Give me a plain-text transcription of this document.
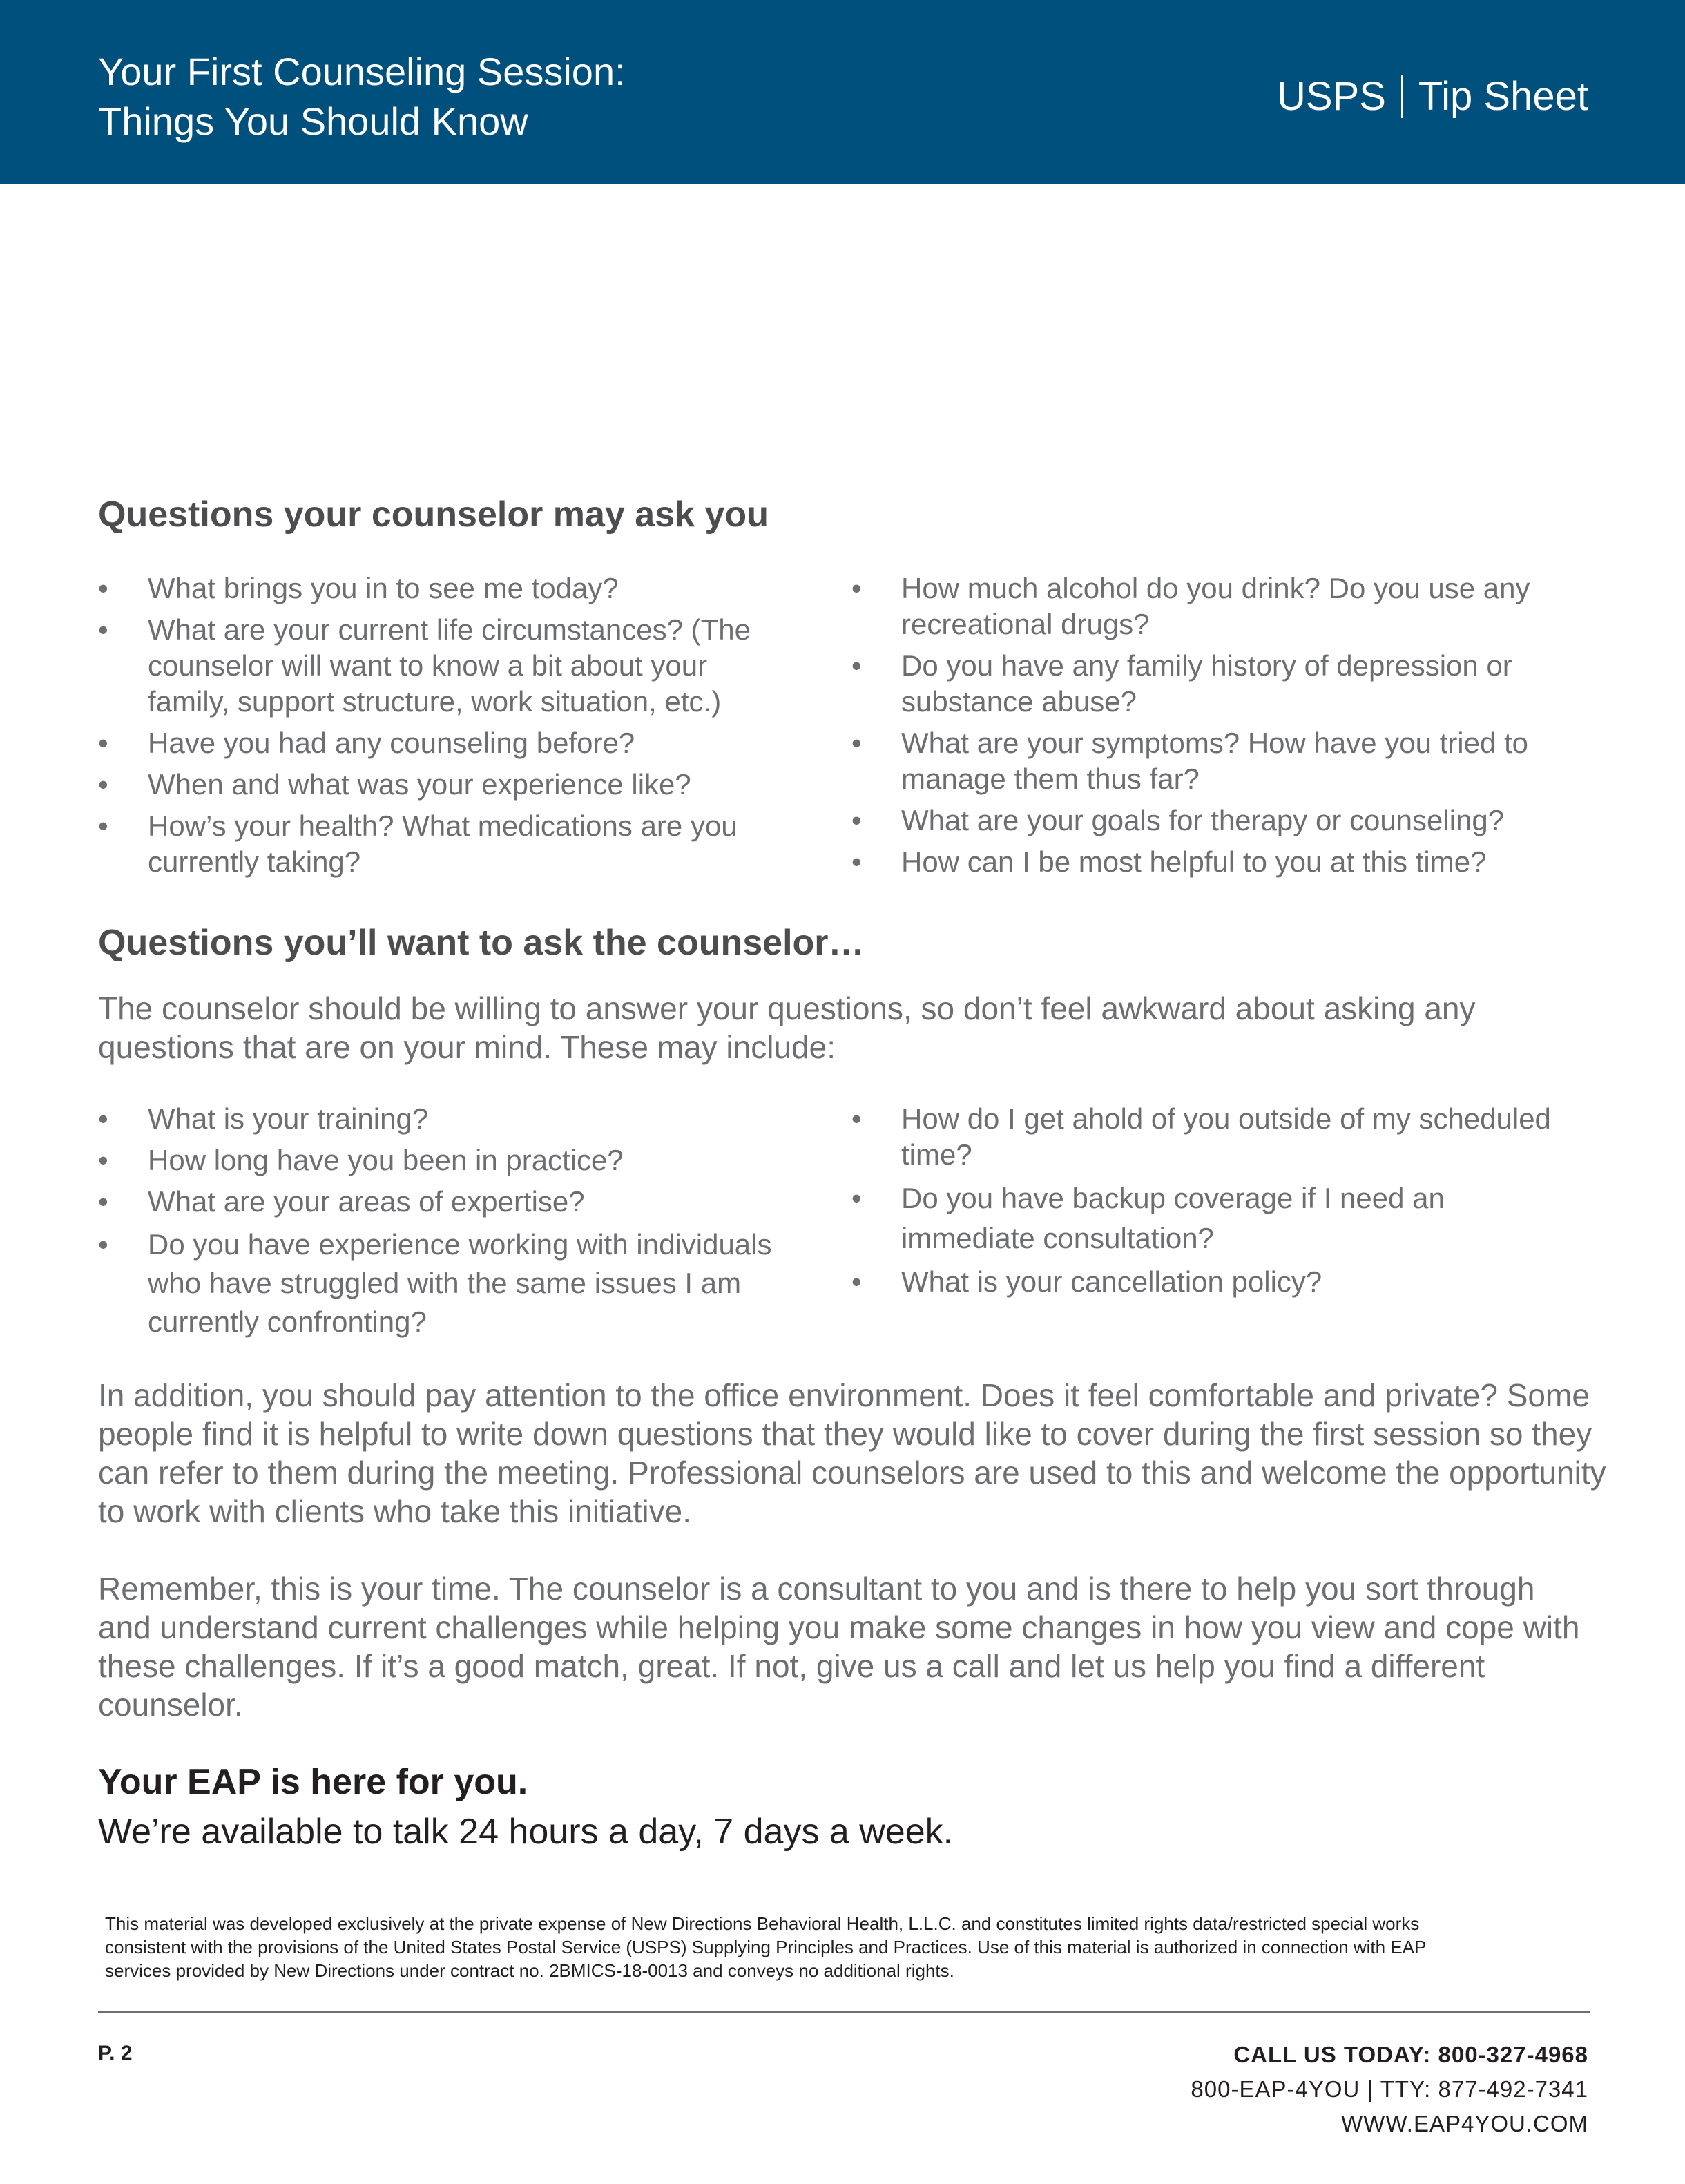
Your First Counseling Session:
Things You Should Know
USPS Tip Sheet
Questions your counselor may ask you
• What brings you in to see me today?
• What are your current life circumstances? (The counselor will want to know a bit about your family, support structure, work situation, etc.)
• Have you had any counseling before?
• When and what was your experience like?
• How’s your health? What medications are you currently taking?
• How much alcohol do you drink? Do you use any recreational drugs?
• Do you have any family history of depression or substance abuse?
• What are your symptoms? How have you tried to manage them thus far?
• What are your goals for therapy or counseling?
• How can I be most helpful to you at this time?
Questions you’ll want to ask the counselor…

The counselor should be willing to answer your questions, so don’t feel awkward about asking any questions that are on your mind. These may include:

• What is your training?
• How long have you been in practice?
• What are your areas of expertise?
• Do you have experience working with individuals who have struggled with the same issues I am currently confronting?
• How do I get ahold of you outside of my scheduled time?
• Do you have backup coverage if I need an immediate consultation?
• What is your cancellation policy?

In addition, you should pay attention to the office environment. Does it feel comfortable and private? Some people find it is helpful to write down questions that they would like to cover during the first session so they can refer to them during the meeting. Professional counselors are used to this and welcome the opportunity to work with clients who take this initiative.

Remember, this is your time. The counselor is a consultant to you and is there to help you sort through and understand current challenges while helping you make some changes in how you view and cope with these challenges. If it’s a good match, great. If not, give us a call and let us help you find a different counselor.

Your EAP is here for you.
We’re available to talk 24 hours a day, 7 days a week.
This material was developed exclusively at the private expense of New Directions Behavioral Health, L.L.C. and constitutes limited rights data/restricted special works consistent with the provisions of the United States Postal Service (USPS) Supplying Principles and Practices. Use of this material is authorized in connection with EAP services provided by New Directions under contract no. 2BMICS-18-0013 and conveys no additional rights.
P. 2	CALL US TODAY: 800-327-4968
800-EAP-4YOU | TTY: 877-492-7341
WWW.EAP4YOU.COM
